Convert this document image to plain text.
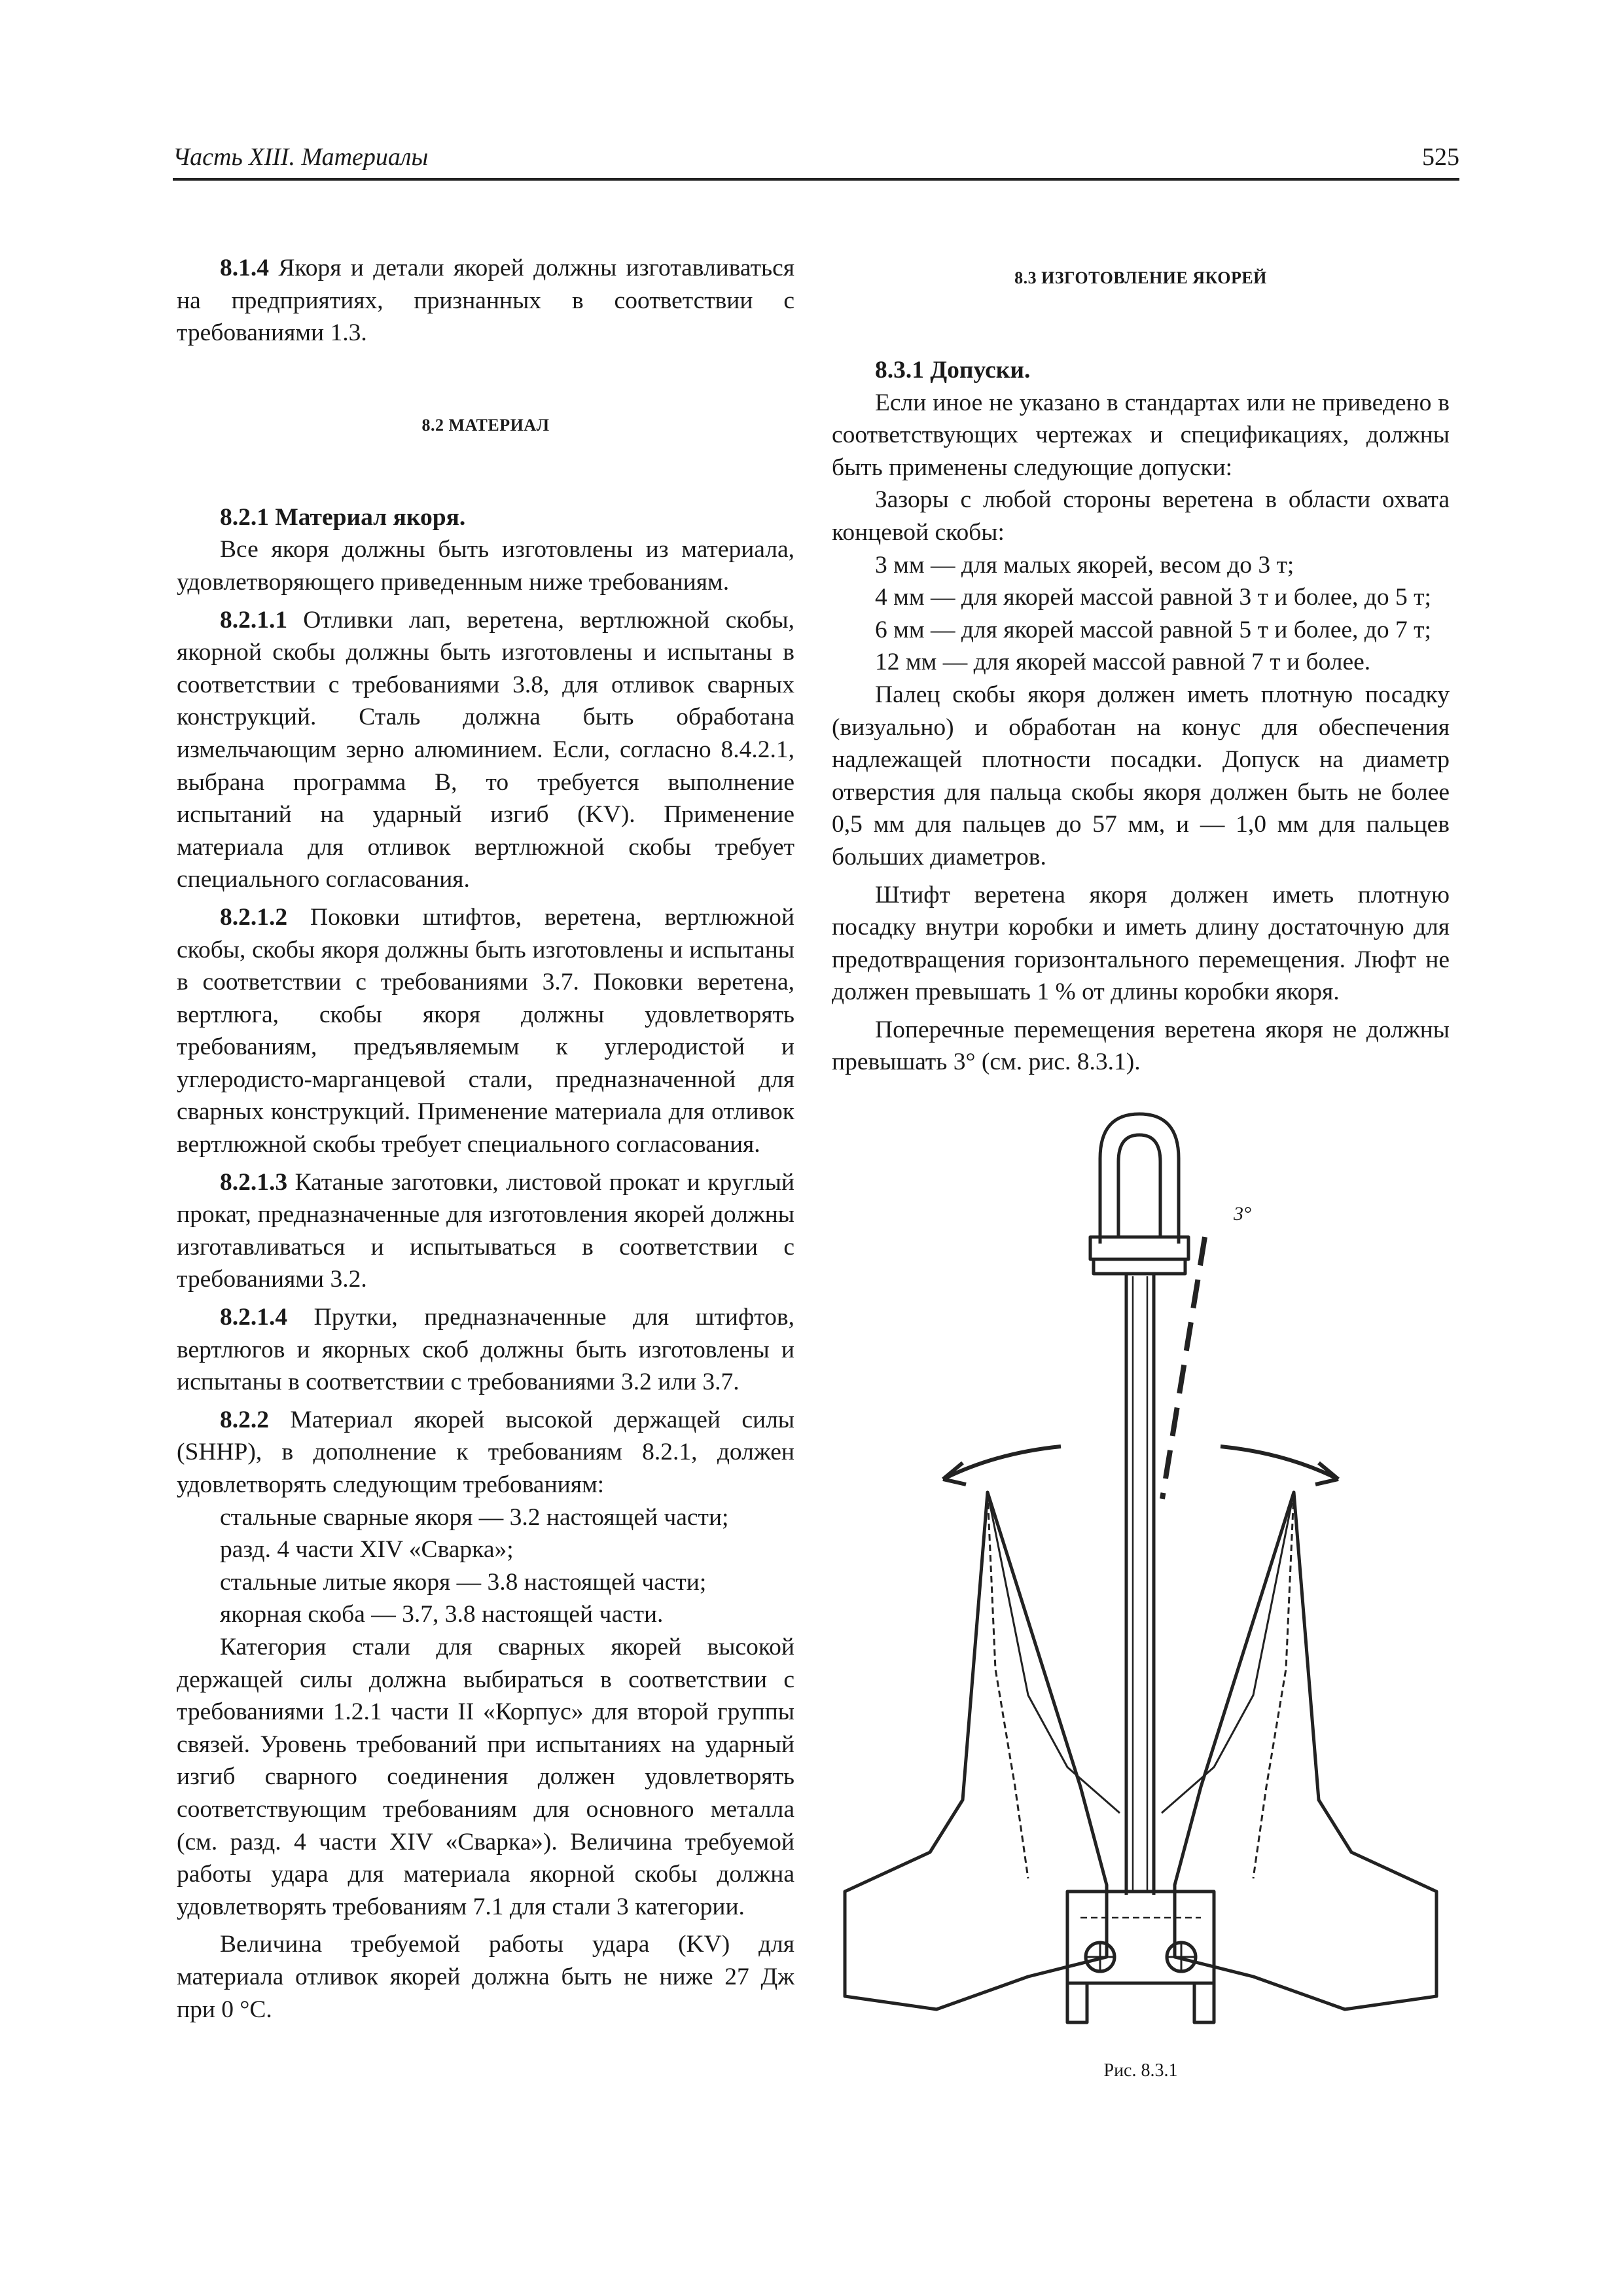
Часть XIII. Материалы	525

8.1.4 Якоря и детали якорей должны изготавливаться на предприятиях, признанных в соответствии с требованиями 1.3.

8.2 МАТЕРИАЛ

8.2.1 Материал якоря.

Все якоря должны быть изготовлены из материала, удовлетворяющего приведенным ниже требованиям.

8.2.1.1 Отливки лап, веретена, вертлюжной скобы, якорной скобы должны быть изготовлены и испытаны в соответствии с требованиями 3.8, для отливок сварных конструкций. Сталь должна быть обработана измельчающим зерно алюминием. Если, согласно 8.4.2.1, выбрана программа В, то требуется выполнение испытаний на ударный изгиб (KV). Применение материала для отливок вертлюжной скобы требует специального согласования.

8.2.1.2 Поковки штифтов, веретена, вертлюжной скобы, скобы якоря должны быть изготовлены и испытаны в соответствии с требованиями 3.7. Поковки веретена, вертлюга, скобы якоря должны удовлетворять требованиям, предъявляемым к углеродистой и углеродисто-марганцевой стали, предназначенной для сварных конструкций. Применение материала для отливок вертлюжной скобы требует специального согласования.

8.2.1.3 Катаные заготовки, листовой прокат и круглый прокат, предназначенные для изготовления якорей должны изготавливаться и испытываться в соответствии с требованиями 3.2.

8.2.1.4 Прутки, предназначенные для штифтов, вертлюгов и якорных скоб должны быть изготовлены и испытаны в соответствии с требованиями 3.2 или 3.7.

8.2.2 Материал якорей высокой держащей силы (SHHP), в дополнение к требованиям 8.2.1, должен удовлетворять следующим требованиям:

стальные сварные якоря — 3.2 настоящей части;

разд. 4 части XIV «Сварка»;

стальные литые якоря — 3.8 настоящей части;

якорная скоба — 3.7, 3.8 настоящей части.

Категория стали для сварных якорей высокой держащей силы должна выбираться в соответствии с требованиями 1.2.1 части II «Корпус» для второй группы связей. Уровень требований при испытаниях на ударный изгиб сварного соединения должен удовлетворять соответствующим требованиям для основного металла (см. разд. 4 части XIV «Сварка»). Величина требуемой работы удара для материала якорной скобы должна удовлетворять требованиям 7.1 для стали 3 категории.

Величина требуемой работы удара (KV) для материала отливок якорей должна быть не ниже 27 Дж при 0 °С.

8.3 ИЗГОТОВЛЕНИЕ ЯКОРЕЙ

8.3.1 Допуски.

Если иное не указано в стандартах или не приведено в соответствующих чертежах и спецификациях, должны быть применены следующие допуски:

Зазоры с любой стороны веретена в области охвата концевой скобы:

3 мм — для малых якорей, весом до 3 т;

4 мм — для якорей массой равной 3 т и более, до 5 т;

6 мм — для якорей массой равной 5 т и более, до 7 т;

12 мм — для якорей массой равной 7 т и более.

Палец скобы якоря должен иметь плотную посадку (визуально) и обработан на конус для обеспечения надлежащей плотности посадки. Допуск на диаметр отверстия для пальца скобы якоря должен быть не более 0,5 мм для пальцев до 57 мм, и — 1,0 мм для пальцев больших диаметров.

Штифт веретена якоря должен иметь плотную посадку внутри коробки и иметь длину достаточную для предотвращения горизонтального перемещения. Люфт не должен превышать 1 % от длины коробки якоря.

Поперечные перемещения веретена якоря не должны превышать 3° (см. рис. 8.3.1).

3°
Рис. 8.3.1
